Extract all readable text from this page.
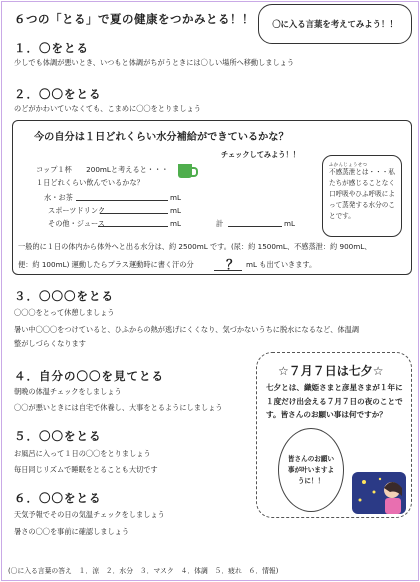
６つの「とる」で夏の健康をつかみとる！！ 〇に入る言葉を考えてみよう！！
１．〇をとる
少しでも体調が悪いとき、いつもと体調がちがうときには〇しい場所へ移動しましょう
２．〇〇をとる
のどがかわいていなくても、こまめに〇〇をとりましょう
今の自分は１日どれくらい水分補給ができているかな？
チェックしてみよう！！
コップ１杯　　200mLと考えると・・・
１日どれくらい飲んでいるかな？
水・お茶	mL
スポーツドリンク	mL
その他・ジュース	mL	計	mL
ふかんじょうせつ
不感蒸泄とは・・・私たちが感じることなく口呼吸やひふ呼吸によって蒸発する水分のことです。
一般的に１日の体内から体外へと出る水分は、約 2500mL です。(尿：約 1500mL、不感蒸泄：約 900mL、
便：約 100mL) 運動したらプラス運動時に書く汗の分 ？ mL も出ていきます。
３．〇〇〇をとる
〇〇〇をとって休憩しましょう
暑い中〇〇〇をつけていると、ひふからの熱が逃げにくくなり、気づかないうちに脱水になるなど、体温調
整がしづらくなります
４．自分の〇〇を見てとる
朝晩の体温チェックをしましょう
〇〇が悪いときには自宅で休養し、大事をとるようにしましょう
５．〇〇をとる
お風呂に入って１日の〇〇をとりましょう
毎日同じリズムで睡眠をとることも大切です
６．〇〇をとる
天気予報でその日の気温チェックをしましょう
暑さの〇〇を事前に確認しましょう
☆７月７日は七夕☆
七夕とは、織姫さまと彦星さまが１年に１度だけ出会える７月７日の夜のことです。皆さんのお願い事は何ですか？
皆さんのお願い事が叶いますように！！
(〇に入る言葉の答え　１．涼　２．水分　３．マスク　４．体調　５．疲れ　６．情報)
